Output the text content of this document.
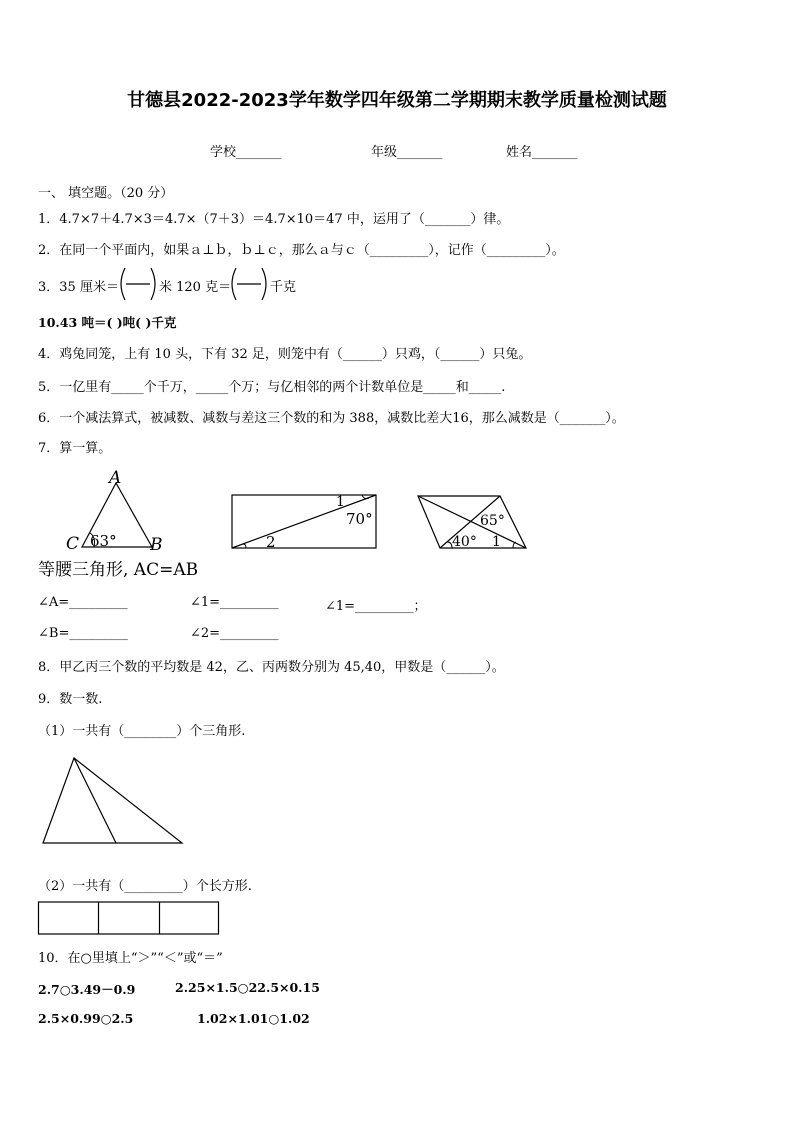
甘德县2022-2023学年数学四年级第二学期期末教学质量检测试题
学校_______	年级_______	姓名_______
一、 填空题。（20 分）
1．4.7×7＋4.7×3＝4.7×（7＋3）＝4.7×10＝47 中，运用了（_______）律。
2．在同一个平面内，如果ａ⊥ｂ，ｂ⊥ｃ，那么ａ与ｃ（_________），记作（_________）。
3．35 厘米＝	米 120 克＝	千克
10.43 吨＝( )吨( )千克
4．鸡兔同笼，上有 10 头，下有 32 足，则笼中有（______）只鸡，（______）只兔。
5．一亿里有_____个千万，_____个万；与亿相邻的两个计数单位是_____和_____.
6．一个减法算式，被减数、减数与差这三个数的和为 388，减数比差大16，那么减数是（_______）。
7．算一算。
A
C	B
63°
1
70°
2
65°
40° 1
等腰三角形, AC=AB
∠A=_________	∠1=_________	∠1=_________；
∠B=_________	∠2=_________
8．甲乙丙三个数的平均数是 42，乙、丙两数分别为 45,40，甲数是（______）。
9．数一数.
（1）一共有（________）个三角形.
（2）一共有（_________）个长方形.
10．在○里填上“＞”“＜”或“＝”
2.7○3.49－0.9	2.25×1.5○22.5×0.15
2.5×0.99○2.5	1.02×1.01○1.02
